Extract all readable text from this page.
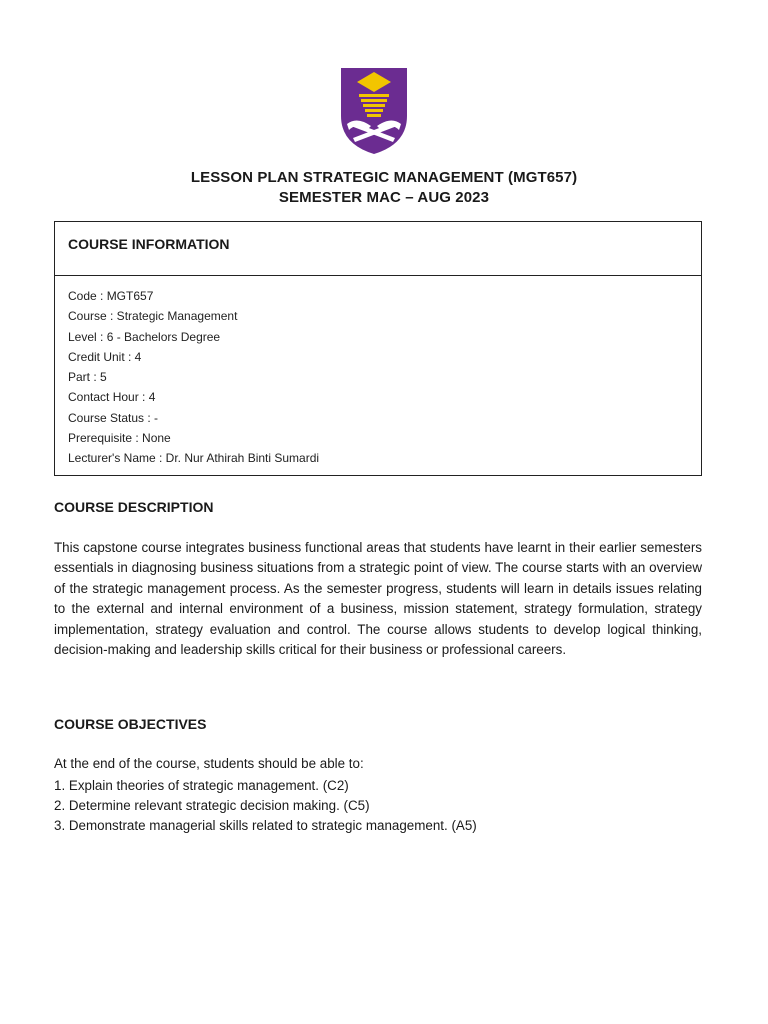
LESSON PLAN STRATEGIC MANAGEMENT (MGT657)
SEMESTER MAC – AUG 2023
COURSE INFORMATION
Code : MGT657
Course : Strategic Management
Level : 6 - Bachelors Degree
Credit Unit : 4
Part : 5
Contact Hour : 4
Course Status : -
Prerequisite : None
Lecturer's Name : Dr. Nur Athirah Binti Sumardi
COURSE DESCRIPTION

This capstone course integrates business functional areas that students have learnt in their earlier semesters essentials in diagnosing business situations from a strategic point of view. The course starts with an overview of the strategic management process. As the semester progress, students will learn in details issues relating to the external and internal environment of a business, mission statement, strategy formulation, strategy implementation, strategy evaluation and control. The course allows students to develop logical thinking, decision-making and leadership skills critical for their business or professional careers.

COURSE OBJECTIVES

At the end of the course, students should be able to:

1. Explain theories of strategic management. (C2)
2. Determine relevant strategic decision making. (C5)
3. Demonstrate managerial skills related to strategic management. (A5)
